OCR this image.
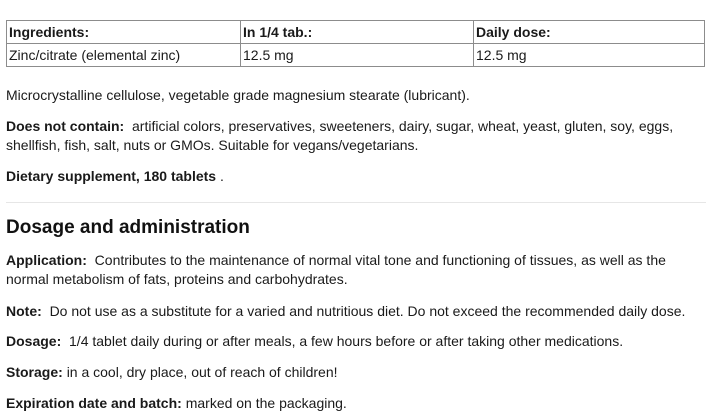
Ingredients:	In 1/4 tab.:	Daily dose:
Zinc/citrate (elemental zinc)	12.5 mg	12.5 mg

Microcrystalline cellulose, vegetable grade magnesium stearate (lubricant).

Does not contain: artificial colors, preservatives, sweeteners, dairy, sugar, wheat, yeast, gluten, soy, eggs, shellfish, fish, salt, nuts or GMOs. Suitable for vegans/vegetarians.

Dietary supplement, 180 tablets .

Dosage and administration

Application: Contributes to the maintenance of normal vital tone and functioning of tissues, as well as the normal metabolism of fats, proteins and carbohydrates.

Note: Do not use as a substitute for a varied and nutritious diet. Do not exceed the recommended daily dose.

Dosage: 1/4 tablet daily during or after meals, a few hours before or after taking other medications.

Storage: in a cool, dry place, out of reach of children!

Expiration date and batch: marked on the packaging.
